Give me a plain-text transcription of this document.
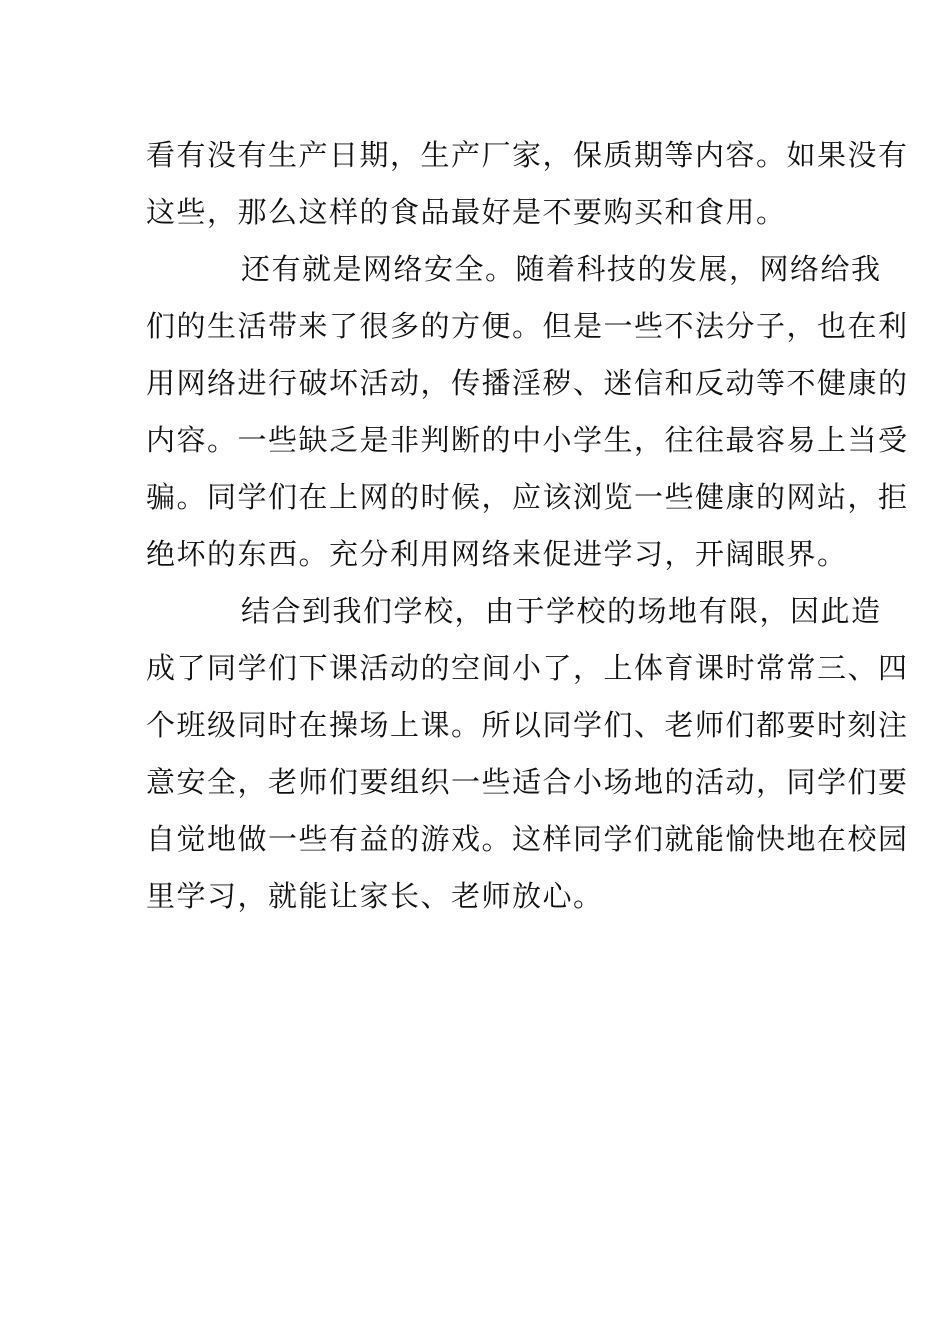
看有没有生产日期，生产厂家，保质期等内容。如果没有
这些，那么这样的食品最好是不要购买和食用。
还有就是网络安全。随着科技的发展，网络给我
们的生活带来了很多的方便。但是一些不法分子，也在利
用网络进行破坏活动，传播淫秽、迷信和反动等不健康的
内容。一些缺乏是非判断的中小学生，往往最容易上当受
骗。同学们在上网的时候，应该浏览一些健康的网站，拒
绝坏的东西。充分利用网络来促进学习，开阔眼界。
结合到我们学校，由于学校的场地有限，因此造
成了同学们下课活动的空间小了，上体育课时常常三、四
个班级同时在操场上课。所以同学们、老师们都要时刻注
意安全，老师们要组织一些适合小场地的活动，同学们要
自觉地做一些有益的游戏。这样同学们就能愉快地在校园
里学习，就能让家长、老师放心。
